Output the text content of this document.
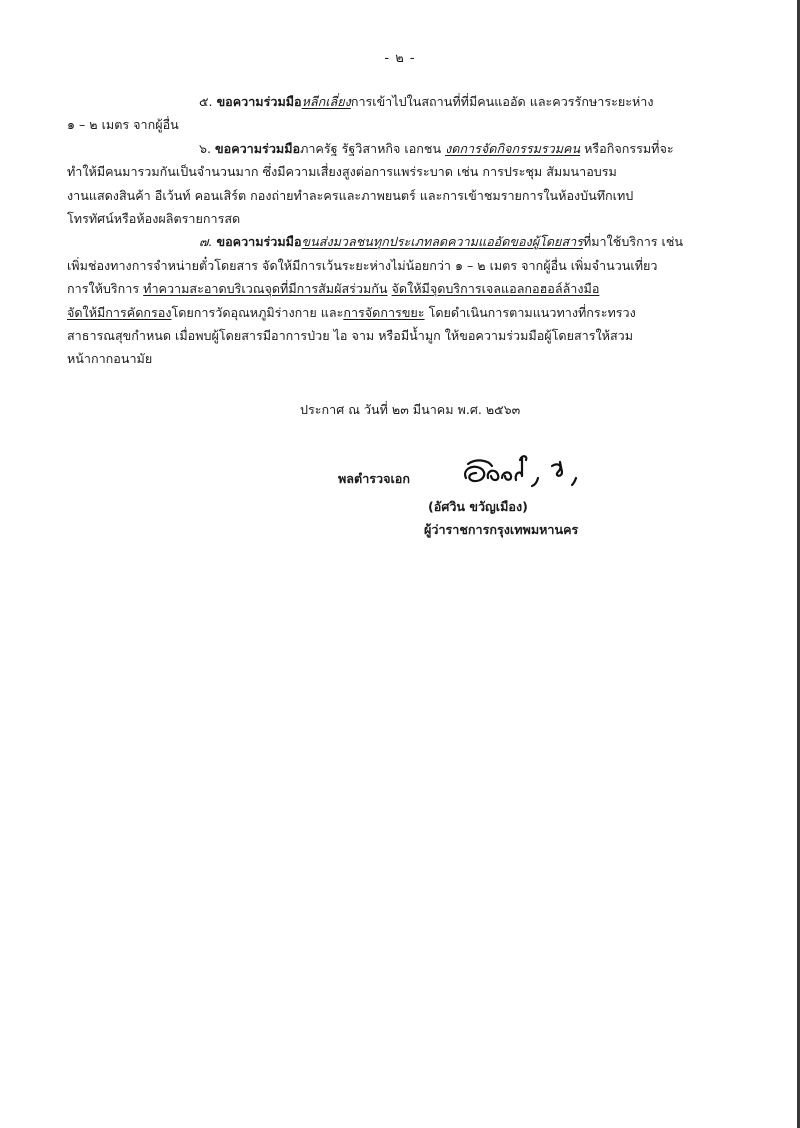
- ๒ -
๕. ขอความร่วมมือหลีกเลี่ยงการเข้าไปในสถานที่ที่มีคนแออัด และควรรักษาระยะห่าง
๑ – ๒ เมตร จากผู้อื่น
๖. ขอความร่วมมือภาครัฐ รัฐวิสาหกิจ เอกชน งดการจัดกิจกรรมรวมคน หรือกิจกรรมที่จะ
ทำให้มีคนมารวมกันเป็นจำนวนมาก ซึ่งมีความเสี่ยงสูงต่อการแพร่ระบาด เช่น การประชุม สัมมนาอบรม
งานแสดงสินค้า อีเว้นท์ คอนเสิร์ต กองถ่ายทำละครและภาพยนตร์ และการเข้าชมรายการในห้องบันทึกเทป
โทรทัศน์หรือห้องผลิตรายการสด
๗. ขอความร่วมมือขนส่งมวลชนทุกประเภทลดความแออัดของผู้โดยสารที่มาใช้บริการ เช่น
เพิ่มช่องทางการจำหน่ายตั๋วโดยสาร จัดให้มีการเว้นระยะห่างไม่น้อยกว่า ๑ – ๒ เมตร จากผู้อื่น เพิ่มจำนวนเที่ยว
การให้บริการ ทำความสะอาดบริเวณจุดที่มีการสัมผัสร่วมกัน จัดให้มีจุดบริการเจลแอลกอฮอล์ล้างมือ
จัดให้มีการคัดกรองโดยการวัดอุณหภูมิร่างกาย และการจัดการขยะ โดยดำเนินการตามแนวทางที่กระทรวง
สาธารณสุขกำหนด เมื่อพบผู้โดยสารมีอาการป่วย ไอ จาม หรือมีน้ำมูก ให้ขอความร่วมมือผู้โดยสารให้สวม
หน้ากากอนามัย
ประกาศ ณ วันที่ ๒๓ มีนาคม พ.ศ. ๒๕๖๓
พลตำรวจเอก
(อัศวิน ขวัญเมือง)
ผู้ว่าราชการกรุงเทพมหานคร
